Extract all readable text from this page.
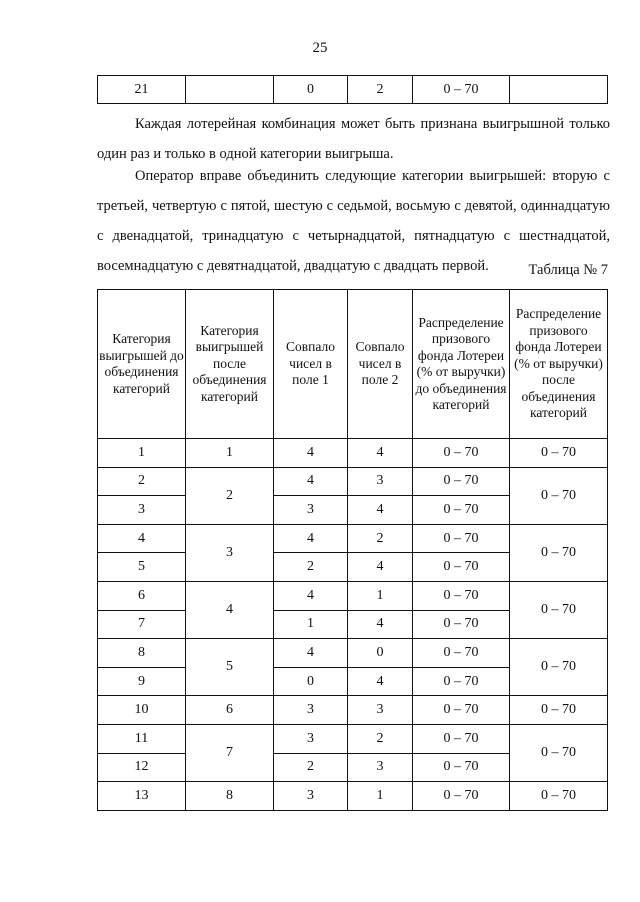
25
21		0	2	0 – 70	

Каждая лотерейная комбинация может быть признана выигрышной только один раз и только в одной категории выигрыша.

Оператор вправе объединить следующие категории выигрышей: вторую с третьей, четвертую с пятой, шестую с седьмой, восьмую с девятой, одиннадцатую с двенадцатой, тринадцатую с четырнадцатой, пятнадцатую с шестнадцатой, восемнадцатую с девятнадцатой, двадцатую с двадцать первой.	Таблица № 7
Категория выигрышей до объединения категорий	Категория выигрышей после объединения категорий	Совпало чисел в поле 1	Совпало чисел в поле 2	Распределение призового фонда Лотереи (% от выручки) до объединения категорий	Распределение призового фонда Лотереи (% от выручки) после объединения категорий
1	1	4	4	0 – 70	0 – 70
2	2	4	3	0 – 70	0 – 70
3		3	4	0 – 70	
4	3	4	2	0 – 70	0 – 70
5		2	4	0 – 70	
6	4	4	1	0 – 70	0 – 70
7		1	4	0 – 70	
8	5	4	0	0 – 70	0 – 70
9		0	4	0 – 70	
10	6	3	3	0 – 70	0 – 70
11	7	3	2	0 – 70	0 – 70
12		2	3	0 – 70	
13	8	3	1	0 – 70	0 – 70
